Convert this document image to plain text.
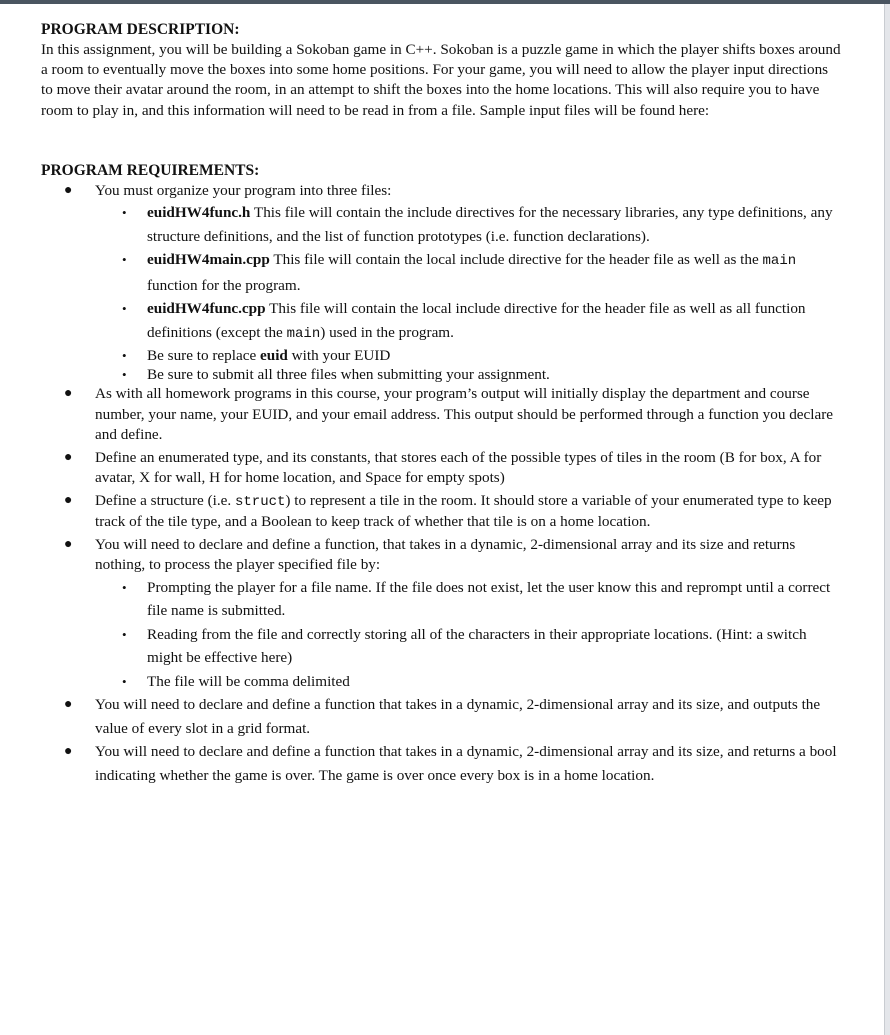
PROGRAM DESCRIPTION:

In this assignment, you will be building a Sokoban game in C++. Sokoban is a puzzle game in which the player shifts boxes around a room to eventually move the boxes into some home positions. For your game, you will need to allow the player input directions to move their avatar around the room, in an attempt to shift the boxes into the home locations. This will also require you to have room to play in, and this information will need to be read in from a file. Sample input files will be found here:

PROGRAM REQUIREMENTS:
● You must organize your program into three files:
• euidHW4func.h This file will contain the include directives for the necessary libraries, any type definitions, any structure definitions, and the list of function prototypes (i.e. function declarations).
• euidHW4main.cpp This file will contain the local include directive for the header file as well as the main function for the program.
• euidHW4func.cpp This file will contain the local include directive for the header file as well as all function definitions (except the main) used in the program.
• Be sure to replace euid with your EUID
• Be sure to submit all three files when submitting your assignment.
● As with all homework programs in this course, your program’s output will initially display the department and course number, your name, your EUID, and your email address. This output should be performed through a function you declare and define.
● Define an enumerated type, and its constants, that stores each of the possible types of tiles in the room (B for box, A for avatar, X for wall, H for home location, and Space for empty spots)
● Define a structure (i.e. struct) to represent a tile in the room. It should store a variable of your enumerated type to keep track of the tile type, and a Boolean to keep track of whether that tile is on a home location.
● You will need to declare and define a function, that takes in a dynamic, 2-dimensional array and its size and returns nothing, to process the player specified file by:
• Prompting the player for a file name. If the file does not exist, let the user know this and reprompt until a correct file name is submitted.
• Reading from the file and correctly storing all of the characters in their appropriate locations. (Hint: a switch might be effective here)
• The file will be comma delimited
● You will need to declare and define a function that takes in a dynamic, 2-dimensional array and its size, and outputs the value of every slot in a grid format.
● You will need to declare and define a function that takes in a dynamic, 2-dimensional array and its size, and returns a bool indicating whether the game is over. The game is over once every box is in a home location.
